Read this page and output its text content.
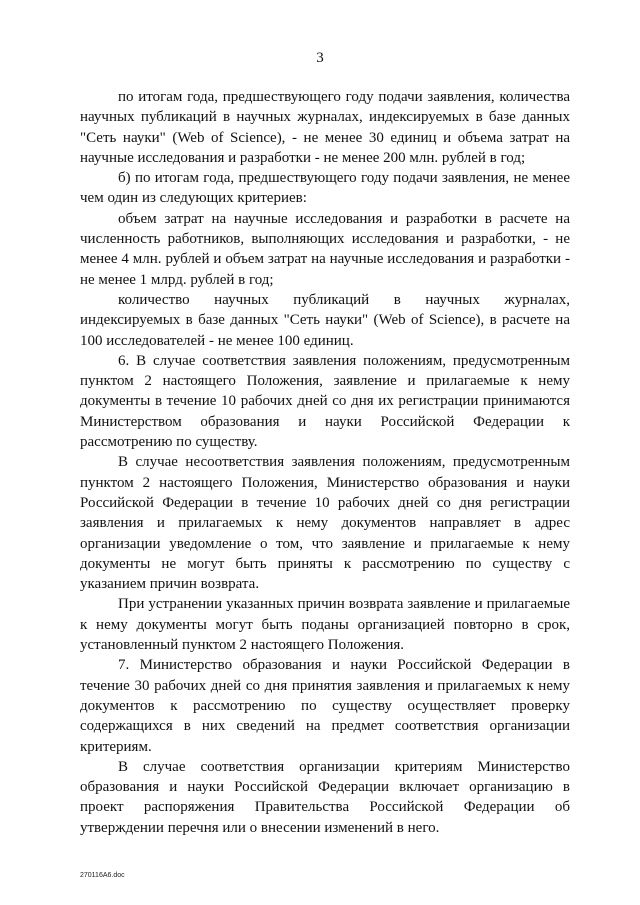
3

по итогам года, предшествующего году подачи заявления, количества научных публикаций в научных журналах, индексируемых в базе данных "Сеть науки" (Web of Science), - не менее 30 единиц и объема затрат на научные исследования и разработки - не менее 200 млн. рублей в год;

б) по итогам года, предшествующего году подачи заявления, не менее чем один из следующих критериев:

объем затрат на научные исследования и разработки в расчете на численность работников, выполняющих исследования и разработки, - не менее 4 млн. рублей и объем затрат на научные исследования и разработки - не менее 1 млрд. рублей в год;

количество научных публикаций в научных журналах, индексируемых в базе данных "Сеть науки" (Web of Science), в расчете на 100 исследователей - не менее 100 единиц.

6. В случае соответствия заявления положениям, предусмотренным пунктом 2 настоящего Положения, заявление и прилагаемые к нему документы в течение 10 рабочих дней со дня их регистрации принимаются Министерством образования и науки Российской Федерации к рассмотрению по существу.

В случае несоответствия заявления положениям, предусмотренным пунктом 2 настоящего Положения, Министерство образования и науки Российской Федерации в течение 10 рабочих дней со дня регистрации заявления и прилагаемых к нему документов направляет в адрес организации уведомление о том, что заявление и прилагаемые к нему документы не могут быть приняты к рассмотрению по существу с указанием причин возврата.

При устранении указанных причин возврата заявление и прилагаемые к нему документы могут быть поданы организацией повторно в срок, установленный пунктом 2 настоящего Положения.

7. Министерство образования и науки Российской Федерации в течение 30 рабочих дней со дня принятия заявления и прилагаемых к нему документов к рассмотрению по существу осуществляет проверку содержащихся в них сведений на предмет соответствия организации критериям.

В случае соответствия организации критериям Министерство образования и науки Российской Федерации включает организацию в проект распоряжения Правительства Российской Федерации об утверждении перечня или о внесении изменений в него.

270116A6.doc
